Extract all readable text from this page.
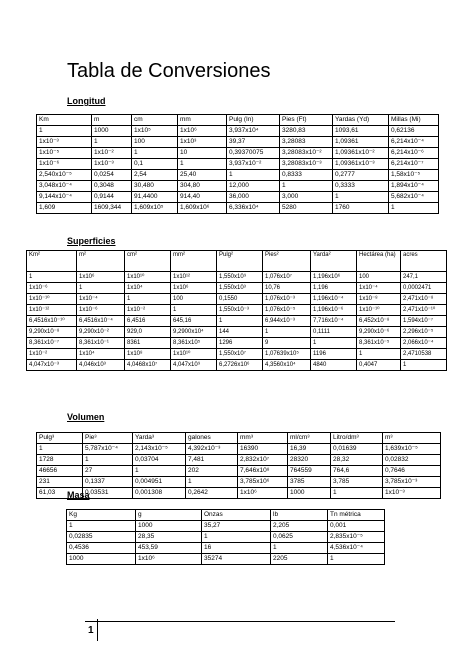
Tabla de Conversiones
Longitud
Km	m	cm	mm	Pulg (In)	Pies (Ft)	Yardas (Yd)	Millas (Mi)
1	1000	1x10⁵	1x10⁶	3,937x10⁴	3280,83	1093,61	0,62136
1x10⁻³	1	100	1x10³	39,37	3,28083	1,09361	6,214x10⁻⁴
1x10⁻⁵	1x10⁻²	1	10	0,39370075	3,28083x10⁻²	1,09361x10⁻²	6,214x10⁻⁶
1x10⁻⁶	1x10⁻³	0,1	1	3,937x10⁻²	3,28083x10⁻³	1,09361x10⁻³	6,214x10⁻⁷
2,540x10⁻⁵	0,0254	2,54	25,40	1	0,8333	0,2777	1,58x10⁻⁵
3,048x10⁻⁴	0,3048	30,480	304,80	12,000	1	0,3333	1,894x10⁻⁴
9,144x10⁻⁴	0,9144	91,4400	914,40	36,000	3,000	1	5,682x10⁻⁴
1,609	1609,344	1,609x10⁵	1,609x10⁶	6,336x10⁴	5280	1760	1
Superficies
Km²	m²	cm²	mm²	Pulg²	Pies²	Yarda²	Hectárea (ha)	acres
1	1x10⁶	1x10¹⁰	1x10¹²	1,550x10⁹	1,076x10⁷	1,196x10⁶	100	247,1
1x10⁻⁶	1	1x10⁴	1x10⁶	1,550x10³	10,76	1,196	1x10⁻⁴	0,0002471
1x10⁻¹⁰	1x10⁻⁴	1	100	0,1550	1,076x10⁻³	1,196x10⁻⁴	1x10⁻⁸	2,471x10⁻⁸
1x10⁻¹²	1x10⁻⁶	1x10⁻²	1	1,550x10⁻³	1,076x10⁻⁵	1,196x10⁻⁶	1x10⁻¹⁰	2,471x10⁻¹⁰
6,4516x10⁻¹⁰	6,4516x10⁻⁴	6,4516	645,16	1	6,944x10⁻³	7,716x10⁻⁴	6,452x10⁻⁸	1,594x10⁻⁷
9,290x10⁻⁸	9,290x10⁻²	929,0	9,2900x10⁴	144	1	0,1111	9,290x10⁻⁶	2,296x10⁻⁵
8,361x10⁻⁷	8,361x10⁻¹	8361	8,361x10⁵	1296	9	1	8,361x10⁻⁵	2,066x10⁻⁴
1x10⁻²	1x10⁴	1x10⁸	1x10¹⁰	1,550x10⁷	1,07639x10⁵	1196	1	2,4710538
4,047x10⁻³	4,046x10³	4,0468x10⁷	4,047x10⁹	6,2726x10⁶	4,3560x10⁴	4840	0,4047	1
Volumen
Pulg³	Pie³	Yarda³	galones	mm³	ml/cm³	Litro/dm³	m³
1	5,787x10⁻⁴	2,143x10⁻⁵	4,392x10⁻³	16390	16,39	0,01639	1,639x10⁻⁵
1728	1	0,03704	7,481	2,832x10⁷	28320	28,32	0,02832
46656	27	1	202	7,646x10⁸	764559	764,6	0,7646
231	0,1337	0,004951	1	3,785x10⁶	3785	3,785	3,785x10⁻³
61,03	0,03531	0,001308	0,2642	1x10⁶	1000	1	1x10⁻³
Masa
Kg	g	Onzas	lb	Tn métrica
1	1000	35,27	2,205	0,001
0,02835	28,35	1	0,0625	2,835x10⁻⁵
0,4536	453,59	16	1	4,536x10⁻⁴
1000	1x10⁶	35274	2205	1
1
